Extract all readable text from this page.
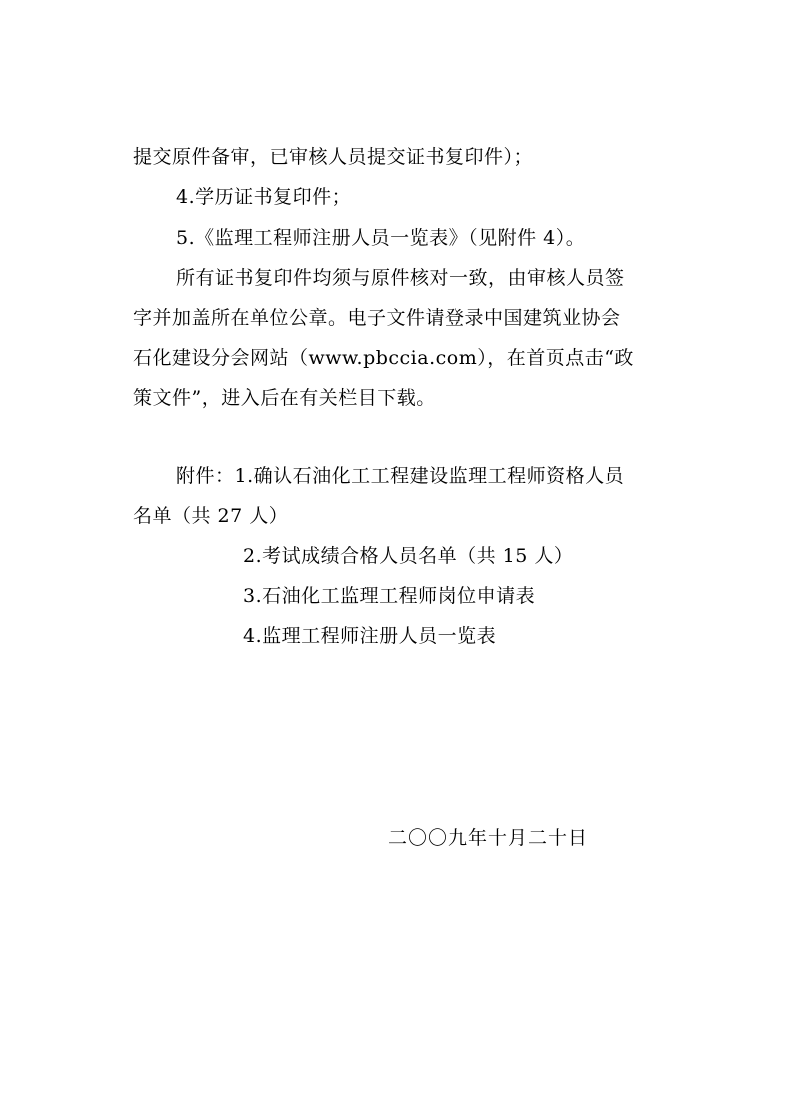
提交原件备审，已审核人员提交证书复印件）；
4.学历证书复印件；
5.《监理工程师注册人员一览表》（见附件 4）。
所有证书复印件均须与原件核对一致，由审核人员签
字并加盖所在单位公章。电子文件请登录中国建筑业协会
石化建设分会网站（www.pbccia.com），在首页点击“政
策文件”，进入后在有关栏目下载。
附件：1.确认石油化工工程建设监理工程师资格人员
名单（共 27 人）
2.考试成绩合格人员名单（共 15 人）
3.石油化工监理工程师岗位申请表
4.监理工程师注册人员一览表
二〇〇九年十月二十日
